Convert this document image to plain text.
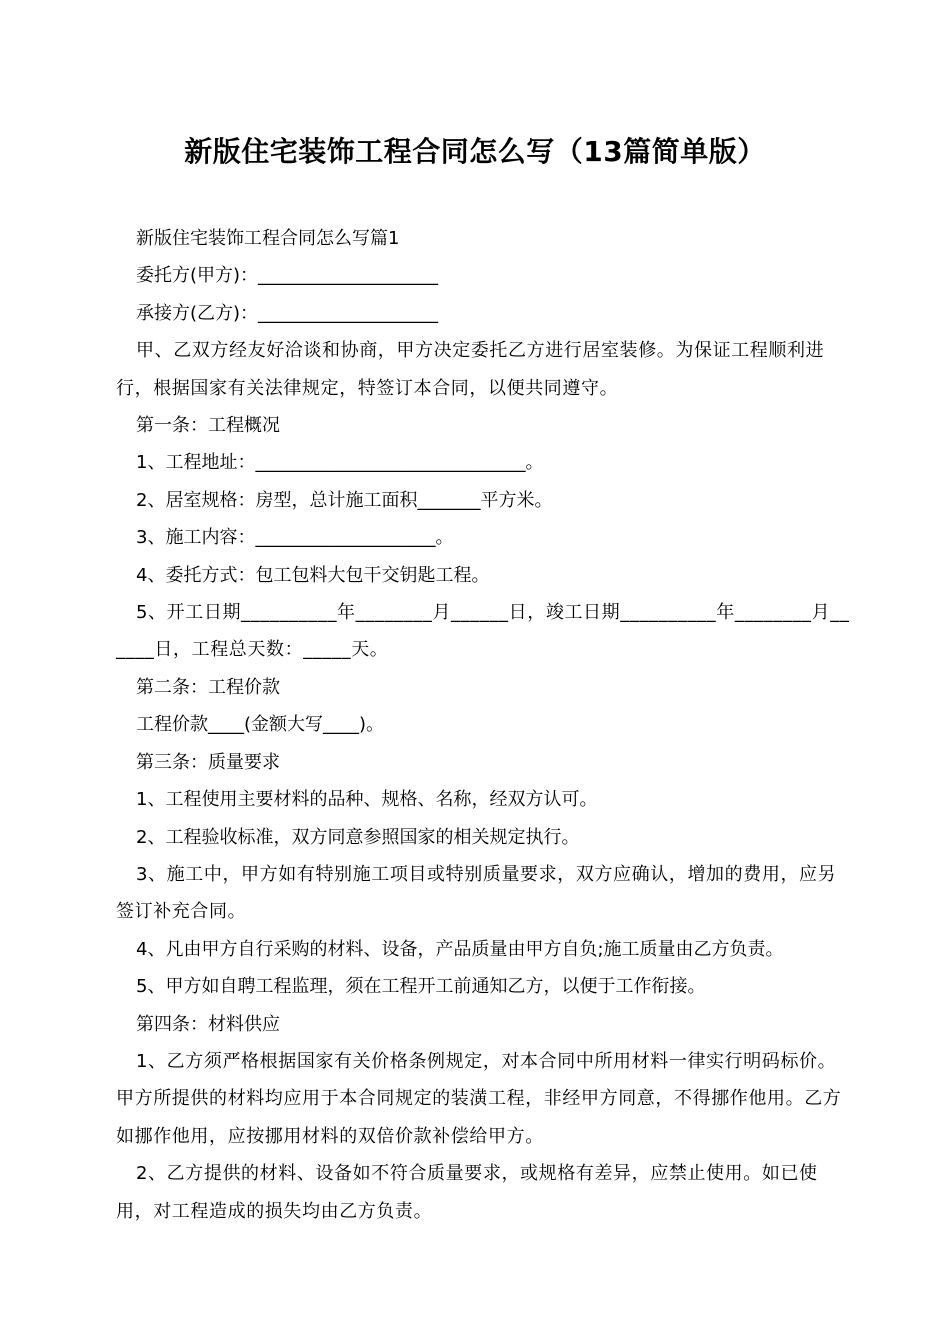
新版住宅装饰工程合同怎么写（13篇简单版）

新版住宅装饰工程合同怎么写篇1

委托方(甲方)：____________________

承接方(乙方)：____________________

甲、乙双方经友好洽谈和协商，甲方决定委托乙方进行居室装修。为保证工程顺利进行，根据国家有关法律规定，特签订本合同，以便共同遵守。

第一条：工程概况

1、工程地址：______________________________。

2、居室规格：房型，总计施工面积_______平方米。

3、施工内容：____________________。

4、委托方式：包工包料大包干交钥匙工程。

5、开工日期__________年________月______日，竣工日期__________年________月______日，工程总天数：_____天。

第二条：工程价款

工程价款____(金额大写____)。

第三条：质量要求

1、工程使用主要材料的品种、规格、名称，经双方认可。

2、工程验收标准，双方同意参照国家的相关规定执行。

3、施工中，甲方如有特别施工项目或特别质量要求，双方应确认，增加的费用，应另签订补充合同。

4、凡由甲方自行采购的材料、设备，产品质量由甲方自负;施工质量由乙方负责。

5、甲方如自聘工程监理，须在工程开工前通知乙方，以便于工作衔接。

第四条：材料供应

1、乙方须严格根据国家有关价格条例规定，对本合同中所用材料一律实行明码标价。甲方所提供的材料均应用于本合同规定的装潢工程，非经甲方同意，不得挪作他用。乙方如挪作他用，应按挪用材料的双倍价款补偿给甲方。

2、乙方提供的材料、设备如不符合质量要求，或规格有差异，应禁止使用。如已使用，对工程造成的损失均由乙方负责。
